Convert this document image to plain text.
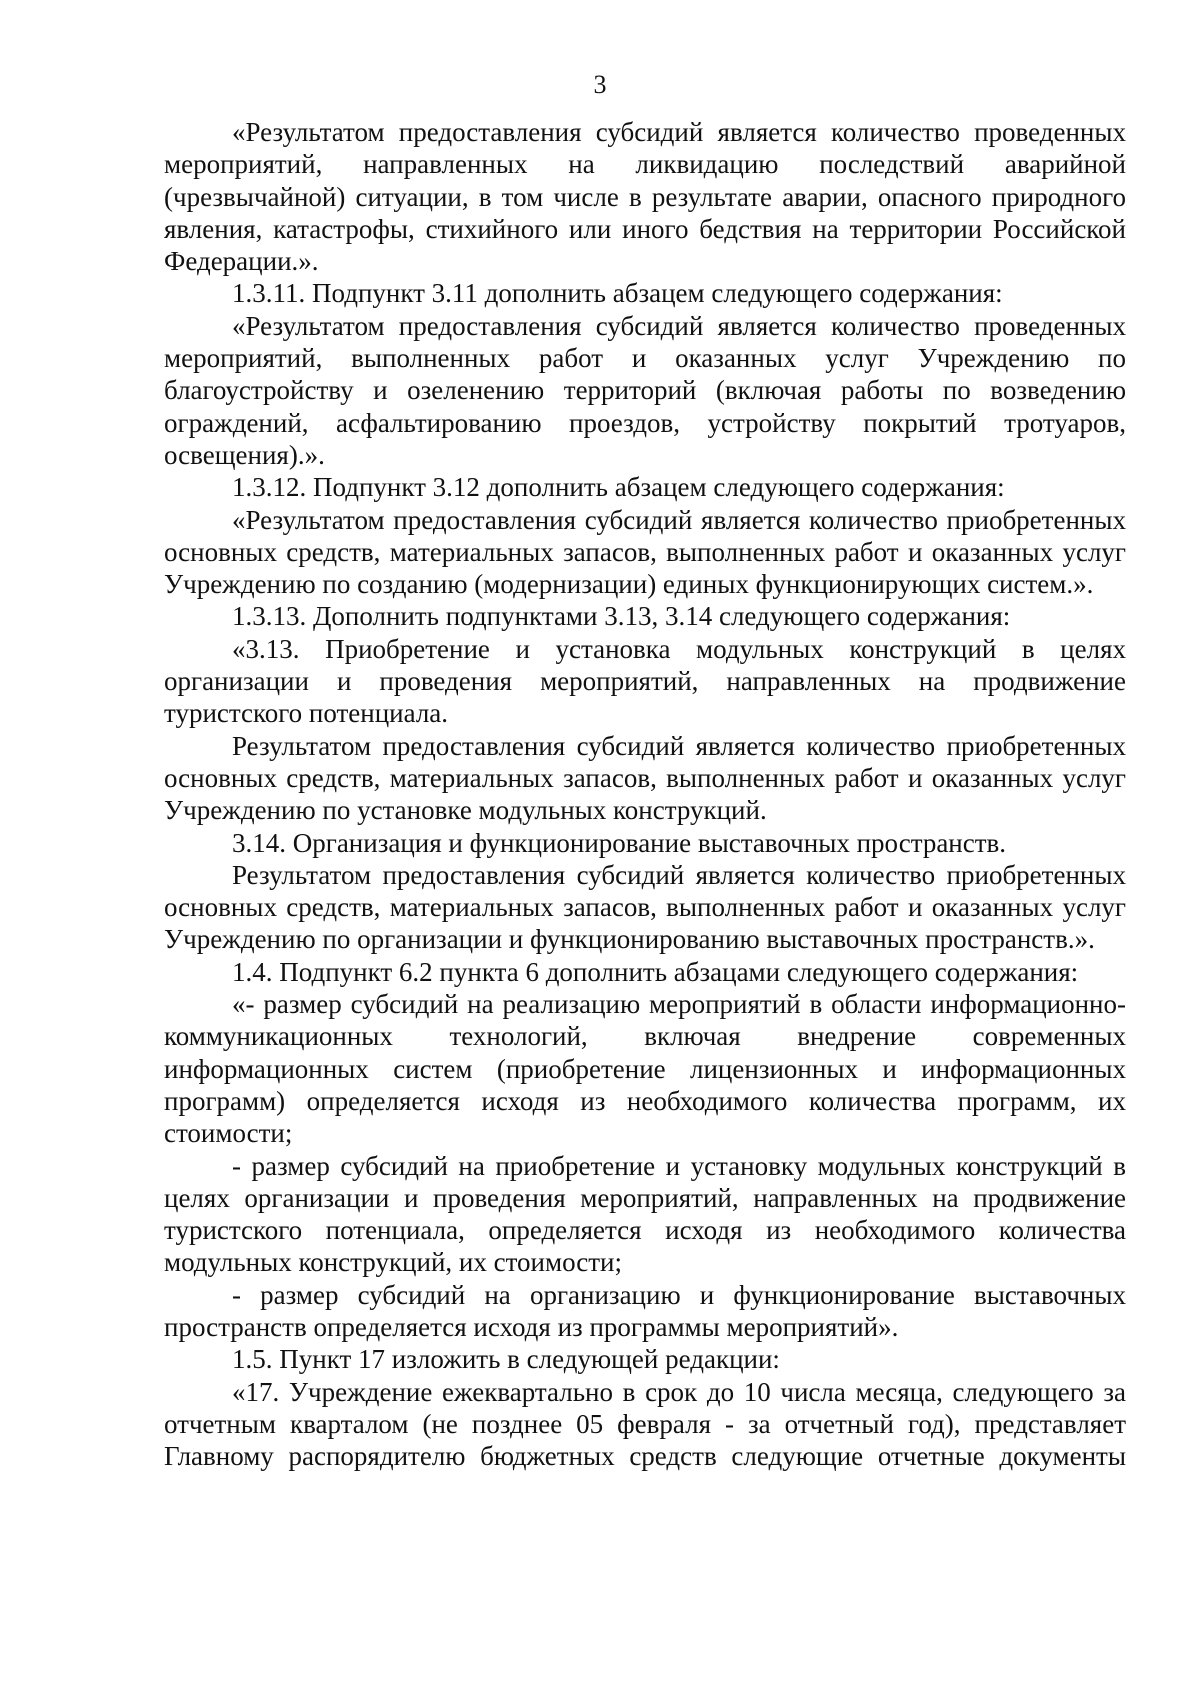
3

«Результатом предоставления субсидий является количество проведенных мероприятий, направленных на ликвидацию последствий аварийной (чрезвычайной) ситуации, в том числе в результате аварии, опасного природного явления, катастрофы, стихийного или иного бедствия на территории Российской Федерации.».

1.3.11. Подпункт 3.11 дополнить абзацем следующего содержания:

«Результатом предоставления субсидий является количество проведенных мероприятий, выполненных работ и оказанных услуг Учреждению по благоустройству и озеленению территорий (включая работы по возведению ограждений, асфальтированию проездов, устройству покрытий тротуаров, освещения).».

1.3.12. Подпункт 3.12 дополнить абзацем следующего содержания:

«Результатом предоставления субсидий является количество приобретенных основных средств, материальных запасов, выполненных работ и оказанных услуг Учреждению по созданию (модернизации) единых функционирующих систем.».

1.3.13. Дополнить подпунктами 3.13, 3.14 следующего содержания:

«3.13. Приобретение и установка модульных конструкций в целях организации и проведения мероприятий, направленных на продвижение туристского потенциала.

Результатом предоставления субсидий является количество приобретенных основных средств, материальных запасов, выполненных работ и оказанных услуг Учреждению по установке модульных конструкций.

3.14. Организация и функционирование выставочных пространств.

Результатом предоставления субсидий является количество приобретенных основных средств, материальных запасов, выполненных работ и оказанных услуг Учреждению по организации и функционированию выставочных пространств.».

1.4. Подпункт 6.2 пункта 6 дополнить абзацами следующего содержания:

«- размер субсидий на реализацию мероприятий в области информационно-коммуникационных технологий, включая внедрение современных информационных систем (приобретение лицензионных и информационных программ) определяется исходя из необходимого количества программ, их стоимости;

- размер субсидий на приобретение и установку модульных конструкций в целях организации и проведения мероприятий, направленных на продвижение туристского потенциала, определяется исходя из необходимого количества модульных конструкций, их стоимости;

- размер субсидий на организацию и функционирование выставочных пространств определяется исходя из программы мероприятий».

1.5. Пункт 17 изложить в следующей редакции:

«17. Учреждение ежеквартально в срок до 10 числа месяца, следующего за отчетным кварталом (не позднее 05 февраля - за отчетный год), представляет Главному распорядителю бюджетных средств следующие отчетные документы
